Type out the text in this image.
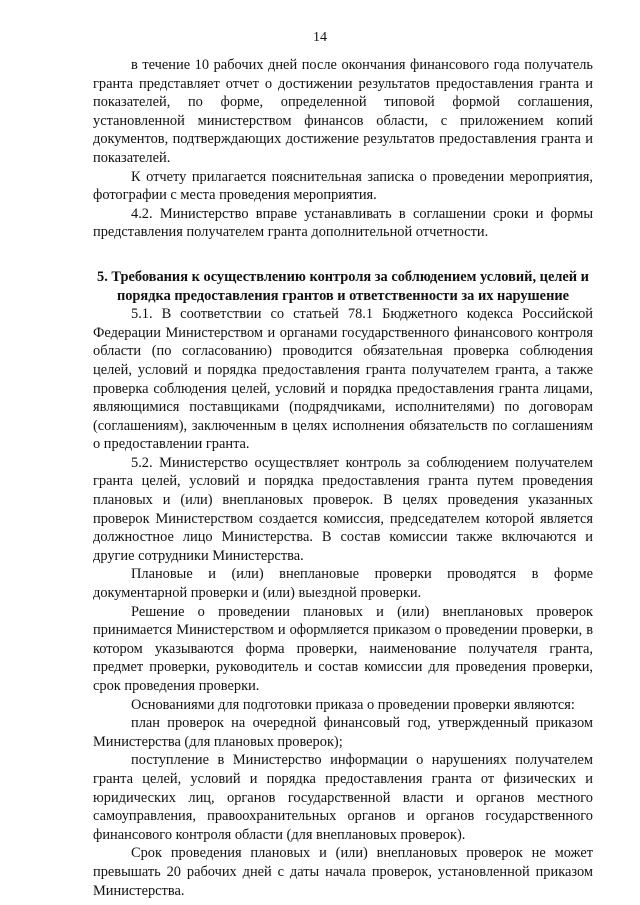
14

в течение 10 рабочих дней после окончания финансового года получатель гранта представляет отчет о достижении результатов предоставления гранта и показателей, по форме, определенной типовой формой соглашения, установленной министерством финансов области, с приложением копий документов, подтверждающих достижение результатов предоставления гранта и показателей.

К отчету прилагается пояснительная записка о проведении мероприятия, фотографии с места проведения мероприятия.

4.2. Министерство вправе устанавливать в соглашении сроки и формы представления получателем гранта дополнительной отчетности.

5. Требования к осуществлению контроля за соблюдением условий, целей и порядка предоставления грантов и ответственности за их нарушение

5.1. В соответствии со статьей 78.1 Бюджетного кодекса Российской Федерации Министерством и органами государственного финансового контроля области (по согласованию) проводится обязательная проверка соблюдения целей, условий и порядка предоставления гранта получателем гранта, а также проверка соблюдения целей, условий и порядка предоставления гранта лицами, являющимися поставщиками (подрядчиками, исполнителями) по договорам (соглашениям), заключенным в целях исполнения обязательств по соглашениям о предоставлении гранта.

5.2. Министерство осуществляет контроль за соблюдением получателем гранта целей, условий и порядка предоставления гранта путем проведения плановых и (или) внеплановых проверок. В целях проведения указанных проверок Министерством создается комиссия, председателем которой является должностное лицо Министерства. В состав комиссии также включаются и другие сотрудники Министерства.

Плановые и (или) внеплановые проверки проводятся в форме документарной проверки и (или) выездной проверки.

Решение о проведении плановых и (или) внеплановых проверок принимается Министерством и оформляется приказом о проведении проверки, в котором указываются форма проверки, наименование получателя гранта, предмет проверки, руководитель и состав комиссии для проведения проверки, срок проведения проверки.

Основаниями для подготовки приказа о проведении проверки являются:

план проверок на очередной финансовый год, утвержденный приказом Министерства (для плановых проверок);

поступление в Министерство информации о нарушениях получателем гранта целей, условий и порядка предоставления гранта от физических и юридических лиц, органов государственной власти и органов местного самоуправления, правоохранительных органов и органов государственного финансового контроля области (для внеплановых проверок).

Срок проведения плановых и (или) внеплановых проверок не может превышать 20 рабочих дней с даты начала проверок, установленной приказом Министерства.
